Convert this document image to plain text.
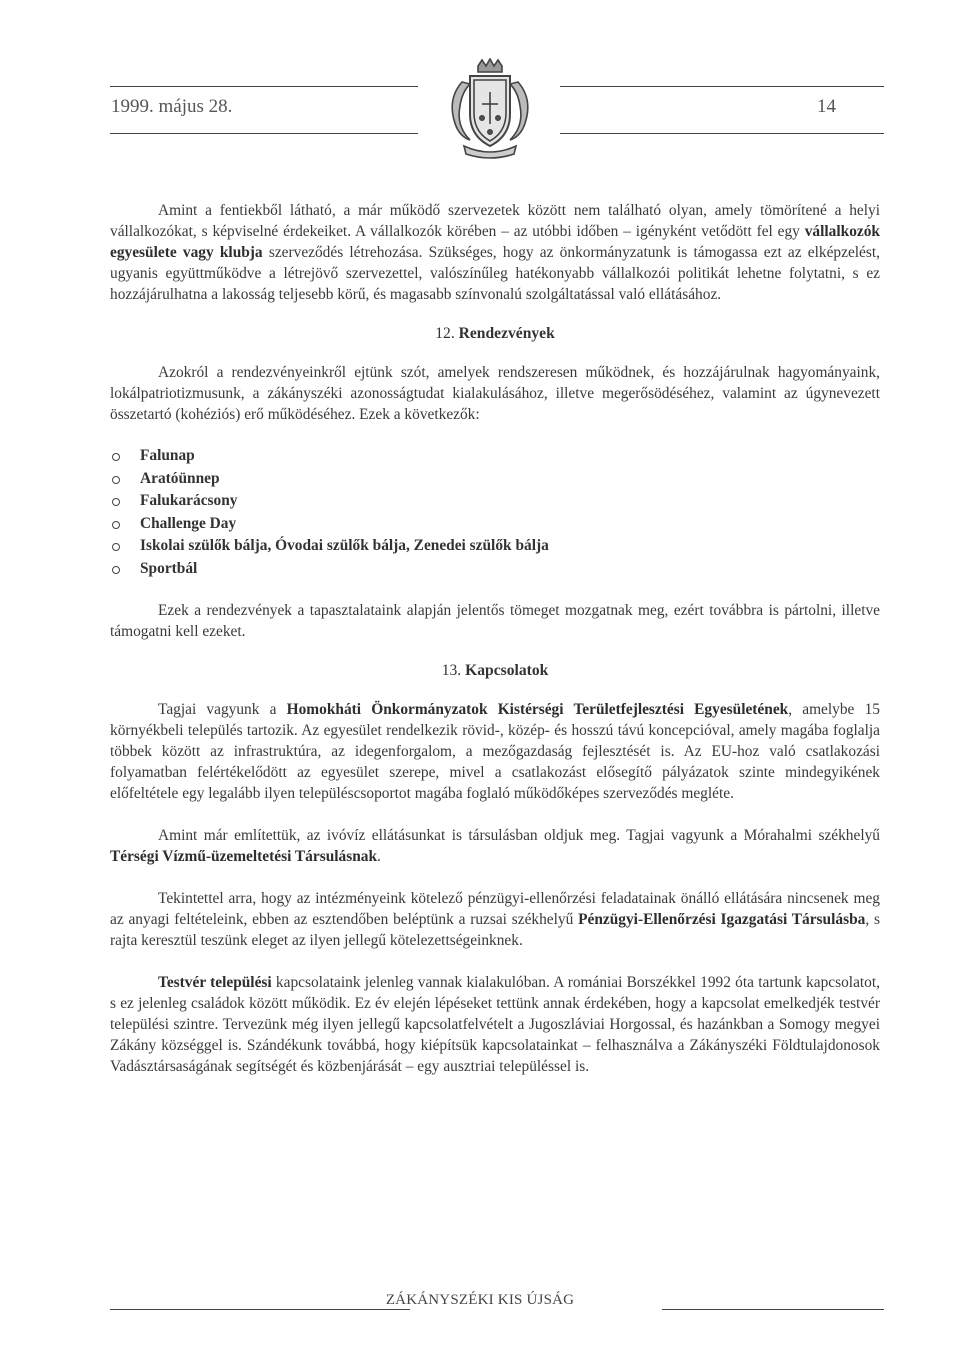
1999. május 28.	14

Amint a fentiekből látható, a már működő szervezetek között nem található olyan, amely tömörítené a helyi vállalkozókat, s képviselné érdekeiket. A vállalkozók körében – az utóbbi időben – igényként vetődött fel egy vállalkozók egyesülete vagy klubja szerveződés létrehozása. Szükséges, hogy az önkormányzatunk is támogassa ezt az elképzelést, ugyanis együttműködve a létrejövő szervezettel, valószínűleg hatékonyabb vállalkozói politikát lehetne folytatni, s ez hozzájárulhatna a lakosság teljesebb körű, és magasabb színvonalú szolgáltatással való ellátásához.

12. Rendezvények

Azokról a rendezvényeinkről ejtünk szót, amelyek rendszeresen működnek, és hozzájárulnak hagyományaink, lokálpatriotizmusunk, a zákányszéki azonosságtudat kialakulásához, illetve megerősödéséhez, valamint az úgynevezett összetartó (kohéziós) erő működéséhez. Ezek a következők:

Falunap
Aratóünnep
Falukarácsony
Challenge Day
Iskolai szülők bálja, Óvodai szülők bálja, Zenedei szülők bálja
Sportbál

Ezek a rendezvények a tapasztalataink alapján jelentős tömeget mozgatnak meg, ezért továbbra is pártolni, illetve támogatni kell ezeket.

13. Kapcsolatok

Tagjai vagyunk a Homokháti Önkormányzatok Kistérségi Területfejlesztési Egyesületének, amelybe 15 környékbeli település tartozik. Az egyesület rendelkezik rövid-, közép- és hosszú távú koncepcióval, amely magába foglalja többek között az infrastruktúra, az idegenforgalom, a mezőgazdaság fejlesztését is. Az EU-hoz való csatlakozási folyamatban felértékelődött az egyesület szerepe, mivel a csatlakozást elősegítő pályázatok szinte mindegyikének előfeltétele egy legalább ilyen településcsoportot magába foglaló működőképes szerveződés megléte.

Amint már említettük, az ivóvíz ellátásunkat is társulásban oldjuk meg. Tagjai vagyunk a Mórahalmi székhelyű Térségi Vízmű-üzemeltetési Társulásnak.

Tekintettel arra, hogy az intézményeink kötelező pénzügyi-ellenőrzési feladatainak önálló ellátására nincsenek meg az anyagi feltételeink, ebben az esztendőben beléptünk a ruzsai székhelyű Pénzügyi-Ellenőrzési Igazgatási Társulásba, s rajta keresztül teszünk eleget az ilyen jellegű kötelezettségeinknek.

Testvér települési kapcsolataink jelenleg vannak kialakulóban. A romániai Borszékkel 1992 óta tartunk kapcsolatot, s ez jelenleg családok között működik. Ez év elején lépéseket tettünk annak érdekében, hogy a kapcsolat emelkedjék testvér települési szintre. Tervezünk még ilyen jellegű kapcsolatfelvételt a Jugoszláviai Horgossal, és hazánkban a Somogy megyei Zákány községgel is. Szándékunk továbbá, hogy kiépítsük kapcsolatainkat – felhasználva a Zákányszéki Földtulajdonosok Vadásztársaságának segítségét és közbenjárását – egy ausztriai településsel is.

ZÁKÁNYSZÉKI KIS ÚJSÁG
